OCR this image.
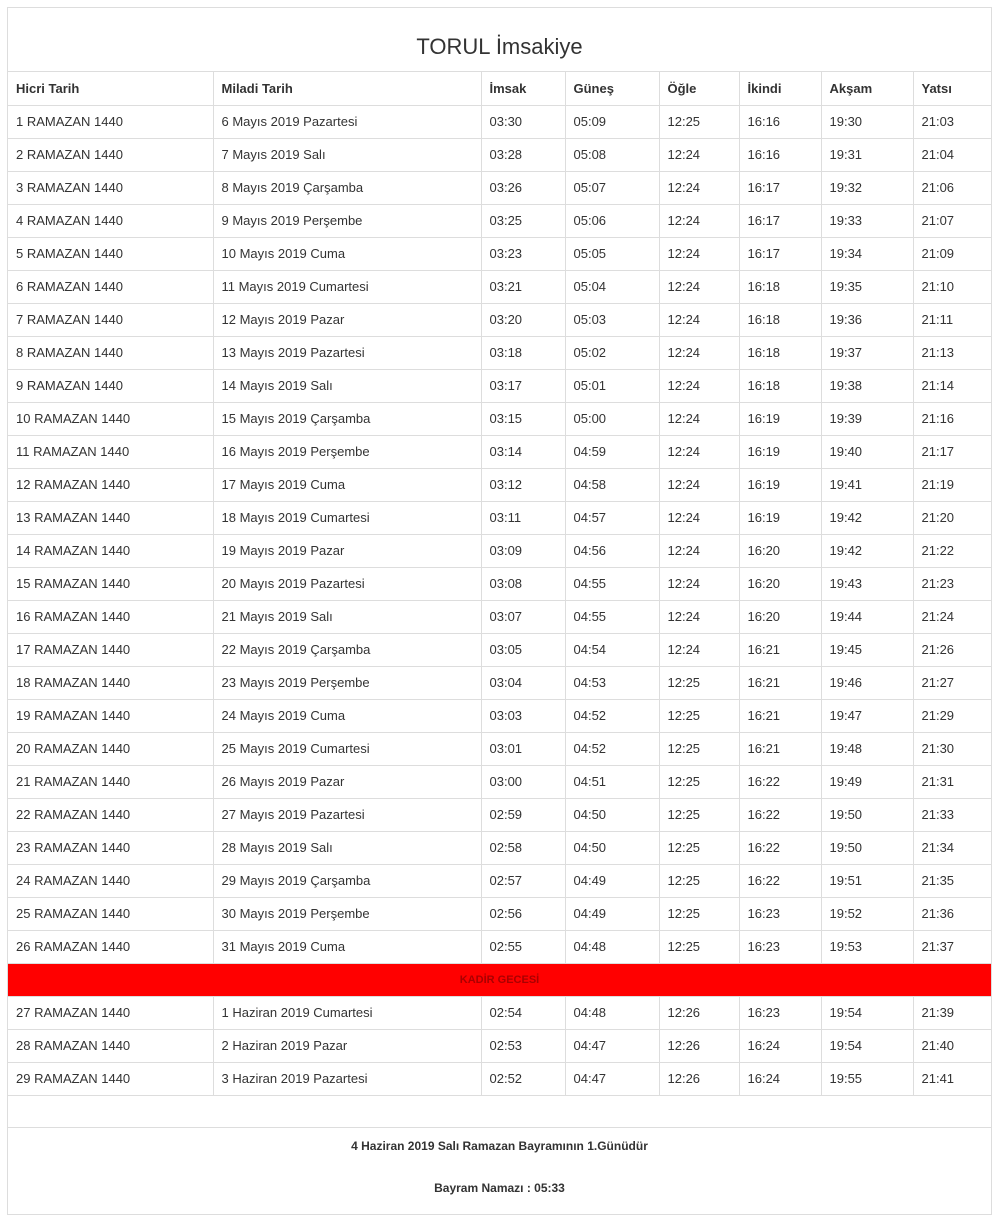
TORUL İmsakiye
Hicri Tarih	Miladi Tarih	İmsak	Güneş	Öğle	İkindi	Akşam	Yatsı
1 RAMAZAN 1440	6 Mayıs 2019 Pazartesi	03:30	05:09	12:25	16:16	19:30	21:03
2 RAMAZAN 1440	7 Mayıs 2019 Salı	03:28	05:08	12:24	16:16	19:31	21:04
3 RAMAZAN 1440	8 Mayıs 2019 Çarşamba	03:26	05:07	12:24	16:17	19:32	21:06
4 RAMAZAN 1440	9 Mayıs 2019 Perşembe	03:25	05:06	12:24	16:17	19:33	21:07
5 RAMAZAN 1440	10 Mayıs 2019 Cuma	03:23	05:05	12:24	16:17	19:34	21:09
6 RAMAZAN 1440	11 Mayıs 2019 Cumartesi	03:21	05:04	12:24	16:18	19:35	21:10
7 RAMAZAN 1440	12 Mayıs 2019 Pazar	03:20	05:03	12:24	16:18	19:36	21:11
8 RAMAZAN 1440	13 Mayıs 2019 Pazartesi	03:18	05:02	12:24	16:18	19:37	21:13
9 RAMAZAN 1440	14 Mayıs 2019 Salı	03:17	05:01	12:24	16:18	19:38	21:14
10 RAMAZAN 1440	15 Mayıs 2019 Çarşamba	03:15	05:00	12:24	16:19	19:39	21:16
11 RAMAZAN 1440	16 Mayıs 2019 Perşembe	03:14	04:59	12:24	16:19	19:40	21:17
12 RAMAZAN 1440	17 Mayıs 2019 Cuma	03:12	04:58	12:24	16:19	19:41	21:19
13 RAMAZAN 1440	18 Mayıs 2019 Cumartesi	03:11	04:57	12:24	16:19	19:42	21:20
14 RAMAZAN 1440	19 Mayıs 2019 Pazar	03:09	04:56	12:24	16:20	19:42	21:22
15 RAMAZAN 1440	20 Mayıs 2019 Pazartesi	03:08	04:55	12:24	16:20	19:43	21:23
16 RAMAZAN 1440	21 Mayıs 2019 Salı	03:07	04:55	12:24	16:20	19:44	21:24
17 RAMAZAN 1440	22 Mayıs 2019 Çarşamba	03:05	04:54	12:24	16:21	19:45	21:26
18 RAMAZAN 1440	23 Mayıs 2019 Perşembe	03:04	04:53	12:25	16:21	19:46	21:27
19 RAMAZAN 1440	24 Mayıs 2019 Cuma	03:03	04:52	12:25	16:21	19:47	21:29
20 RAMAZAN 1440	25 Mayıs 2019 Cumartesi	03:01	04:52	12:25	16:21	19:48	21:30
21 RAMAZAN 1440	26 Mayıs 2019 Pazar	03:00	04:51	12:25	16:22	19:49	21:31
22 RAMAZAN 1440	27 Mayıs 2019 Pazartesi	02:59	04:50	12:25	16:22	19:50	21:33
23 RAMAZAN 1440	28 Mayıs 2019 Salı	02:58	04:50	12:25	16:22	19:50	21:34
24 RAMAZAN 1440	29 Mayıs 2019 Çarşamba	02:57	04:49	12:25	16:22	19:51	21:35
25 RAMAZAN 1440	30 Mayıs 2019 Perşembe	02:56	04:49	12:25	16:23	19:52	21:36
26 RAMAZAN 1440	31 Mayıs 2019 Cuma	02:55	04:48	12:25	16:23	19:53	21:37
KADİR GECESİ							
27 RAMAZAN 1440	1 Haziran 2019 Cumartesi	02:54	04:48	12:26	16:23	19:54	21:39
28 RAMAZAN 1440	2 Haziran 2019 Pazar	02:53	04:47	12:26	16:24	19:54	21:40
29 RAMAZAN 1440	3 Haziran 2019 Pazartesi	02:52	04:47	12:26	16:24	19:55	21:41
4 Haziran 2019 Salı Ramazan Bayramının 1.Günüdür
Bayram Namazı : 05:33
